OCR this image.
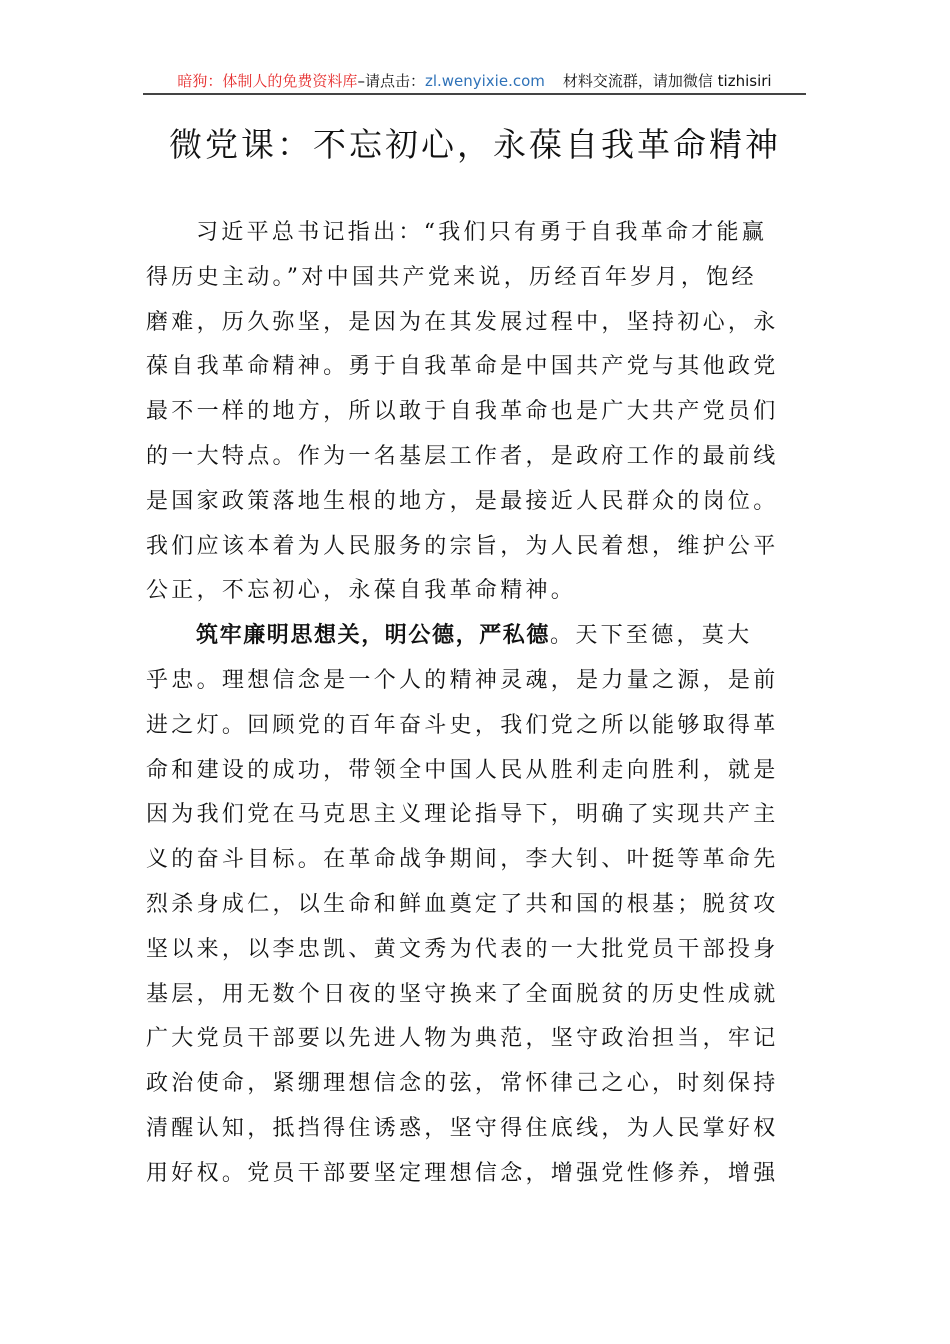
暗狗：体制人的免费资料库–请点击：zl.wenyixie.com 材料交流群，请加微信 tizhisiri
微党课：不忘初心，永葆自我革命精神
习近平总书记指出：“我们只有勇于自我革命才能赢
得历史主动。”对中国共产党来说，历经百年岁月，饱经
磨难，历久弥坚，是因为在其发展过程中，坚持初心，永
葆自我革命精神。勇于自我革命是中国共产党与其他政党
最不一样的地方，所以敢于自我革命也是广大共产党员们
的一大特点。作为一名基层工作者，是政府工作的最前线
是国家政策落地生根的地方，是最接近人民群众的岗位。
我们应该本着为人民服务的宗旨，为人民着想，维护公平
公正，不忘初心，永葆自我革命精神。
筑牢廉明思想关，明公德，严私德。天下至德，莫大
乎忠。理想信念是一个人的精神灵魂，是力量之源，是前
进之灯。回顾党的百年奋斗史，我们党之所以能够取得革
命和建设的成功，带领全中国人民从胜利走向胜利，就是
因为我们党在马克思主义理论指导下，明确了实现共产主
义的奋斗目标。在革命战争期间，李大钊、叶挺等革命先
烈杀身成仁，以生命和鲜血奠定了共和国的根基；脱贫攻
坚以来，以李忠凯、黄文秀为代表的一大批党员干部投身
基层，用无数个日夜的坚守换来了全面脱贫的历史性成就
广大党员干部要以先进人物为典范，坚守政治担当，牢记
政治使命，紧绷理想信念的弦，常怀律己之心，时刻保持
清醒认知，抵挡得住诱惑，坚守得住底线，为人民掌好权
用好权。党员干部要坚定理想信念，增强党性修养，增强
